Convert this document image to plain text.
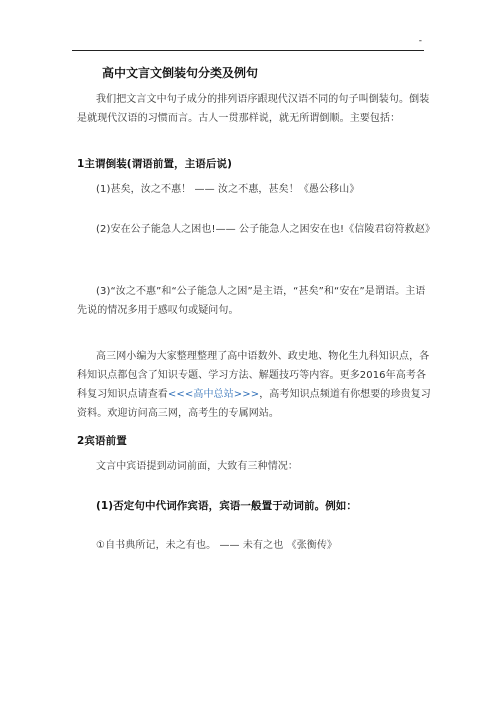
-
高中文言文倒装句分类及例句
我们把文言文中句子成分的排列语序跟现代汉语不同的句子叫倒装句。倒装是就现代汉语的习惯而言。古人一贯那样说，就无所谓倒顺。主要包括：
1主谓倒装(谓语前置，主语后说)
(1)甚矣，汝之不惠！ —— 汝之不惠，甚矣！《愚公移山》
(2)安在公子能急人之困也!—— 公子能急人之困安在也!《信陵君窃符救赵》
(3)“汝之不惠”和“公子能急人之困”是主语，“甚矣”和“安在”是谓语。主语先说的情况多用于感叹句或疑问句。
高三网小编为大家整理整理了高中语数外、政史地、物化生九科知识点，各科知识点都包含了知识专题、学习方法、解题技巧等内容。更多2016年高考各科复习知识点请查看<<<高中总站>>>，高考知识点频道有你想要的珍贵复习资料。欢迎访问高三网，高考生的专属网站。
2宾语前置
文言中宾语提到动词前面，大致有三种情况：
(1)否定句中代词作宾语，宾语一般置于动词前。例如：
①自书典所记，未之有也。 —— 未有之也 《张衡传》
